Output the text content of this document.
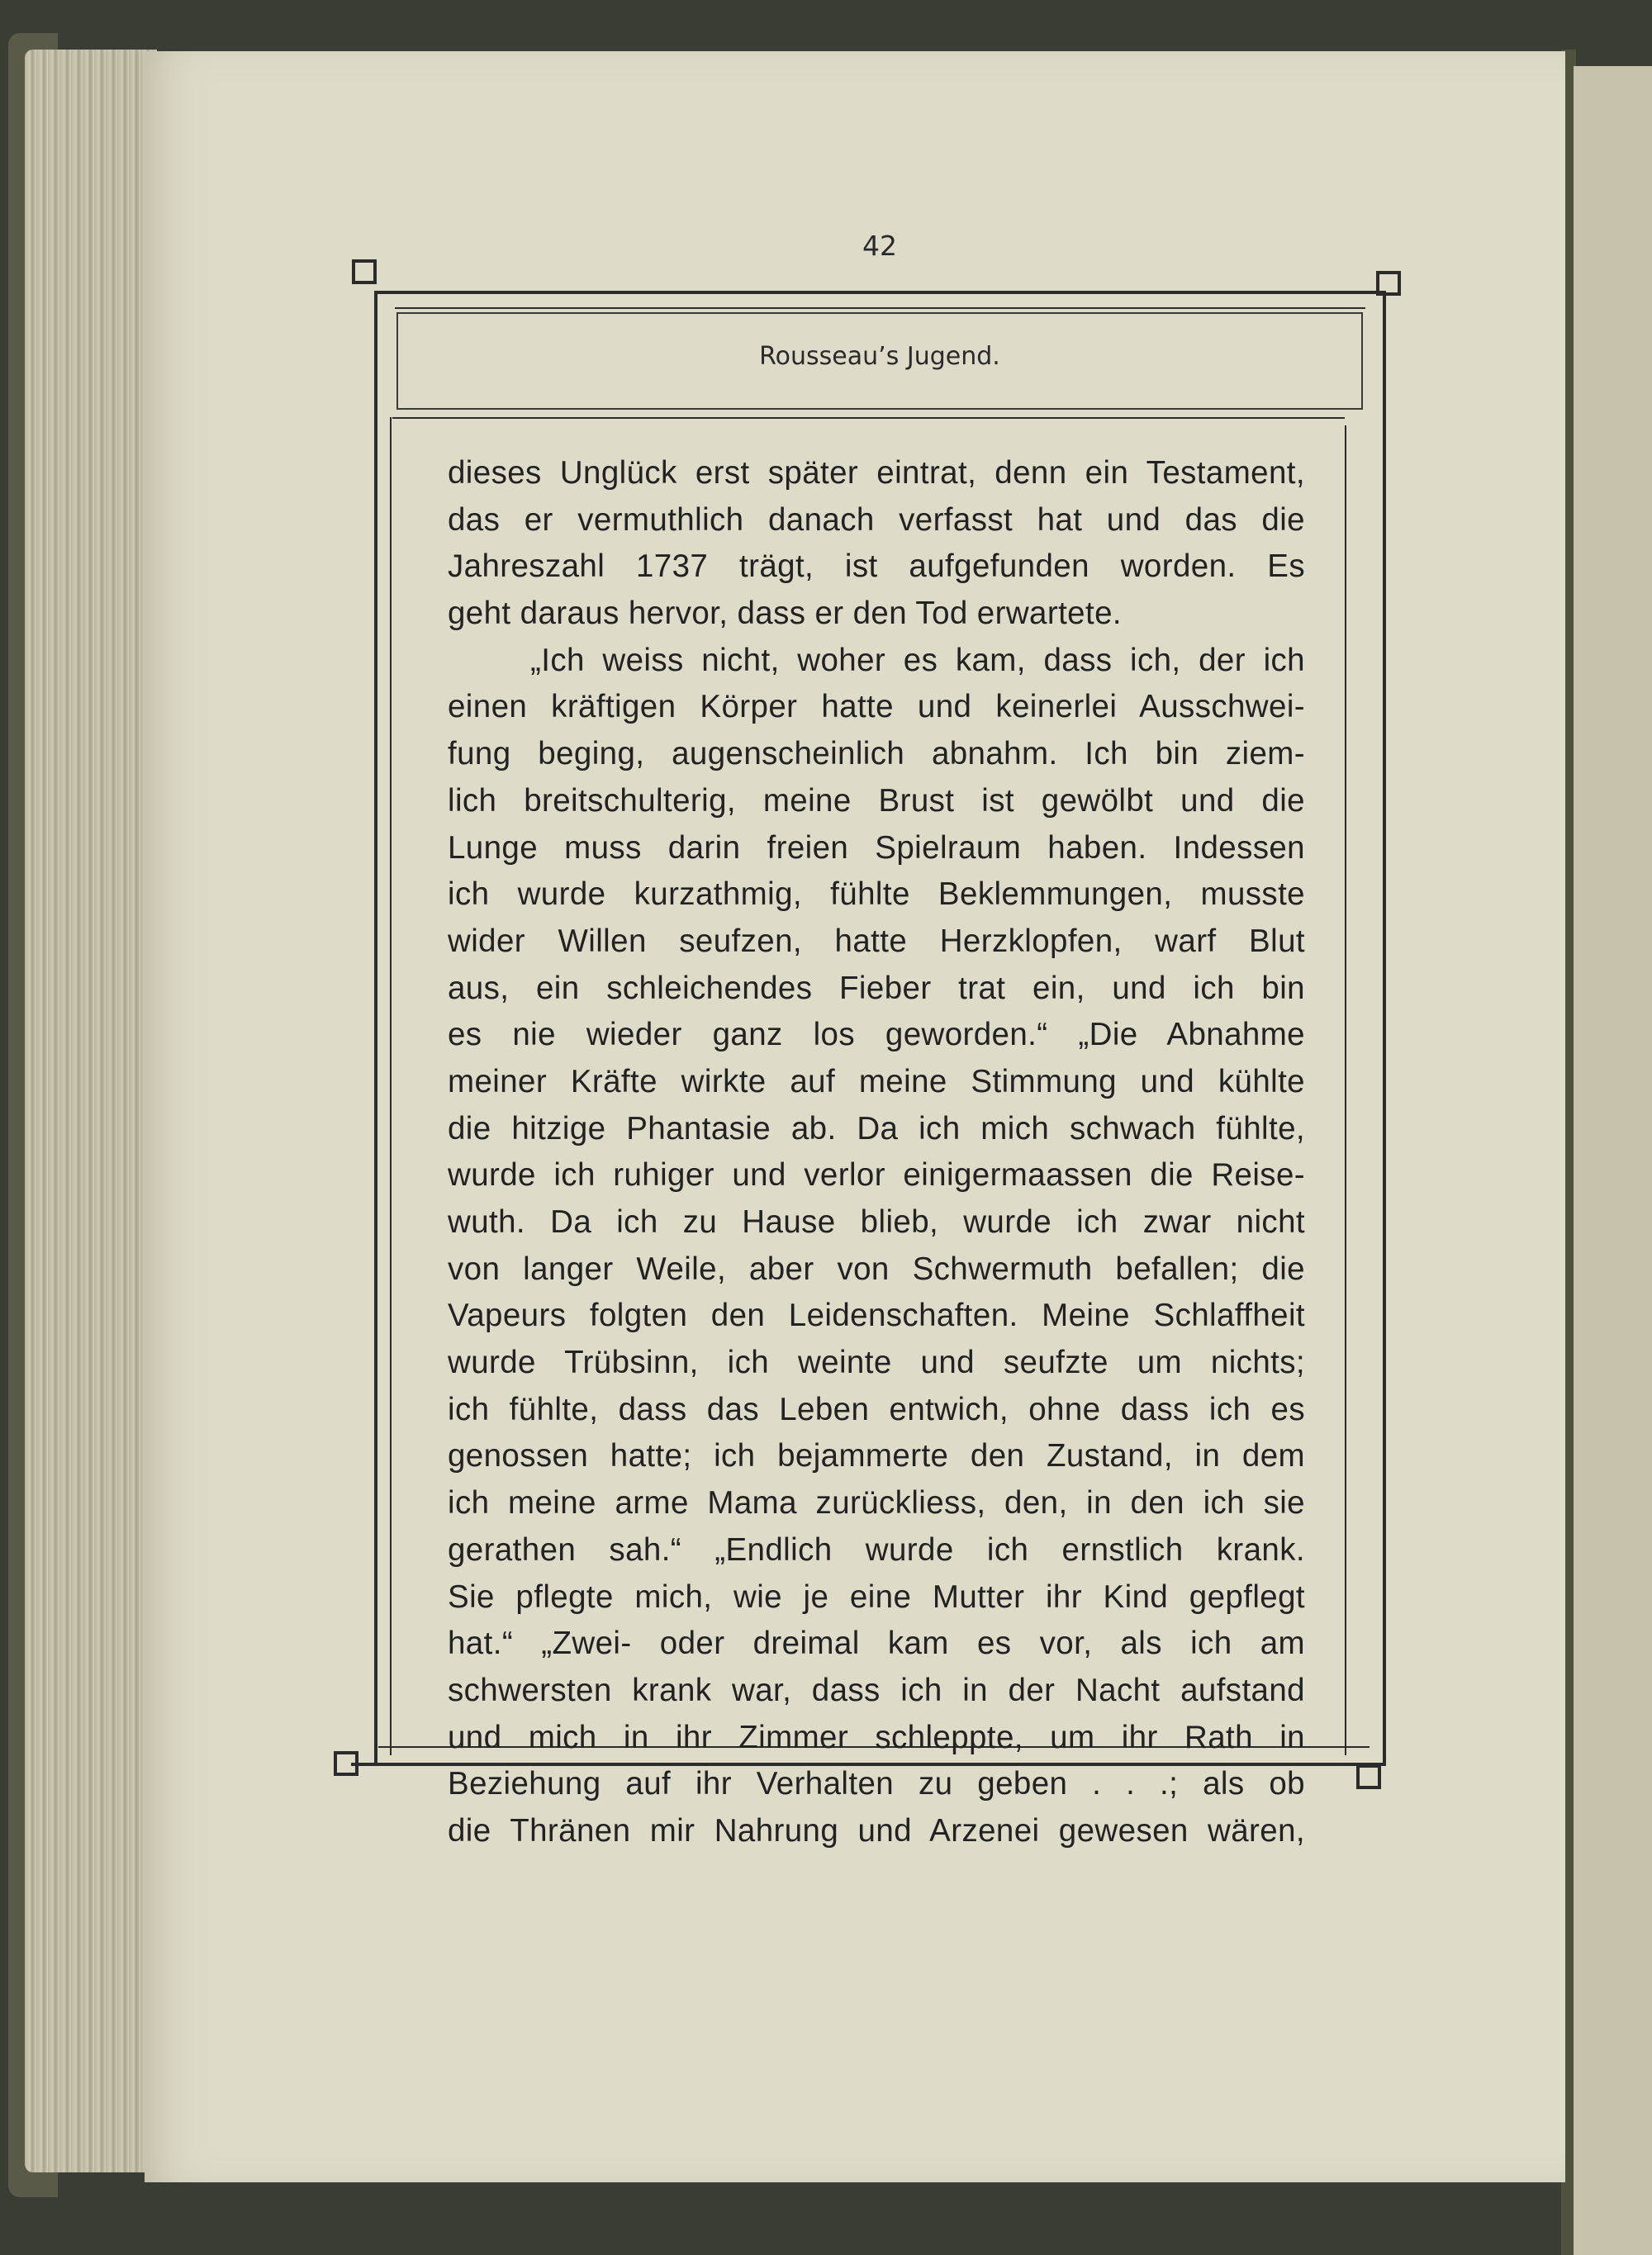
42
Rousseau’s Jugend.
dieses Unglück erst später eintrat, denn ein Testament,
das er vermuthlich danach verfasst hat und das die
Jahreszahl 1737 trägt, ist aufgefunden worden. Es
geht daraus hervor, dass er den Tod erwartete.
„Ich weiss nicht, woher es kam, dass ich, der ich
einen kräftigen Körper hatte und keinerlei Ausschwei-
fung beging, augenscheinlich abnahm. Ich bin ziem-
lich breitschulterig, meine Brust ist gewölbt und die
Lunge muss darin freien Spielraum haben. Indessen
ich wurde kurzathmig, fühlte Beklemmungen, musste
wider Willen seufzen, hatte Herzklopfen, warf Blut
aus, ein schleichendes Fieber trat ein, und ich bin
es nie wieder ganz los geworden.“ „Die Abnahme
meiner Kräfte wirkte auf meine Stimmung und kühlte
die hitzige Phantasie ab. Da ich mich schwach fühlte,
wurde ich ruhiger und verlor einigermaassen die Reise-
wuth. Da ich zu Hause blieb, wurde ich zwar nicht
von langer Weile, aber von Schwermuth befallen; die
Vapeurs folgten den Leidenschaften. Meine Schlaffheit
wurde Trübsinn, ich weinte und seufzte um nichts;
ich fühlte, dass das Leben entwich, ohne dass ich es
genossen hatte; ich bejammerte den Zustand, in dem
ich meine arme Mama zurückliess, den, in den ich sie
gerathen sah.“ „Endlich wurde ich ernstlich krank.
Sie pflegte mich, wie je eine Mutter ihr Kind gepflegt
hat.“ „Zwei- oder dreimal kam es vor, als ich am
schwersten krank war, dass ich in der Nacht aufstand
und mich in ihr Zimmer schleppte, um ihr Rath in
Beziehung auf ihr Verhalten zu geben . . .; als ob
die Thränen mir Nahrung und Arzenei gewesen wären,
